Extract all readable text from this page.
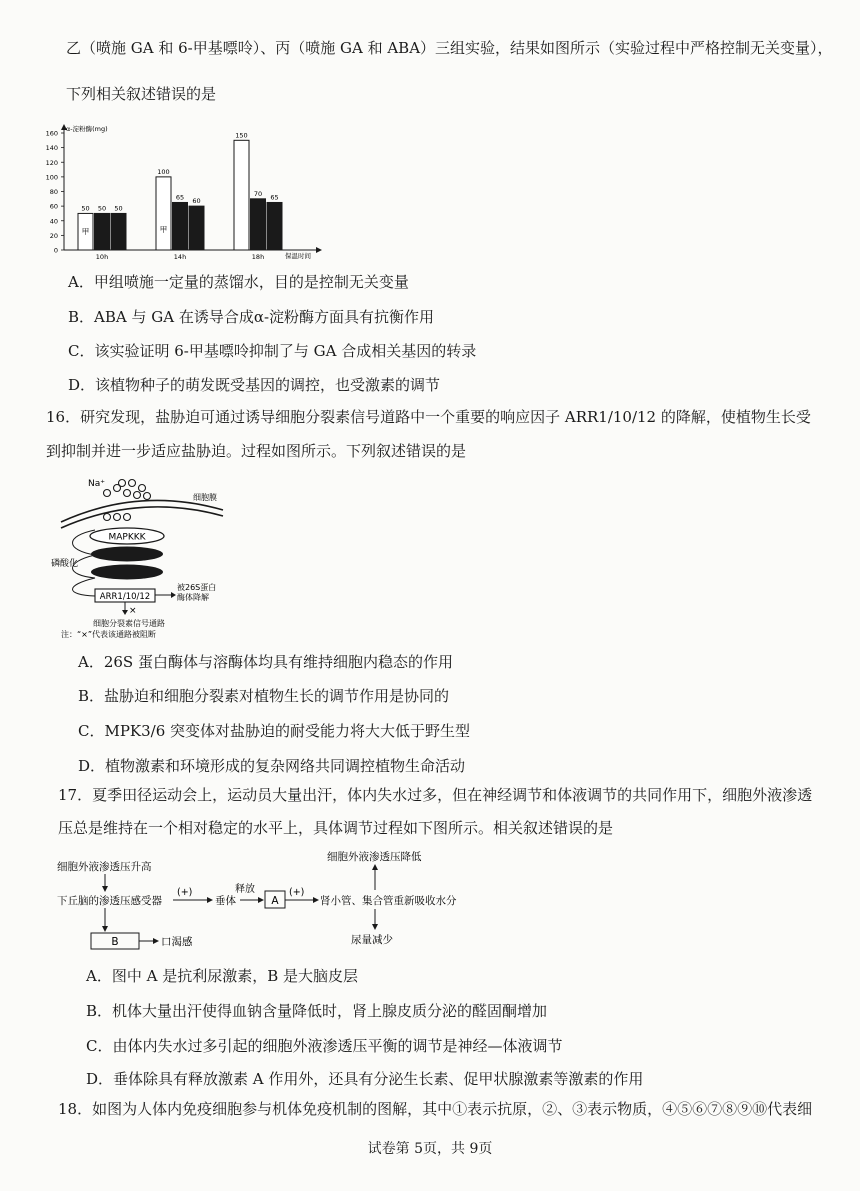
乙（喷施 GA 和 6-甲基嘌呤）、丙（喷施 GA 和 ABA）三组实验，结果如图所示（实验过程中严格控制无关变量），
下列相关叙述错误的是
0
20
40
60
80
100
120
140
160
α-淀粉酶(mg)
保温时间
50
甲
50 50
10h
100
甲
65 60
14h
150
70 65
18h
A．甲组喷施一定量的蒸馏水，目的是控制无关变量
B．ABA 与 GA 在诱导合成α-淀粉酶方面具有抗衡作用
C．该实验证明 6-甲基嘌呤抑制了与 GA 合成相关基因的转录
D．该植物种子的萌发既受基因的调控，也受激素的调节
16．研究发现，盐胁迫可通过诱导细胞分裂素信号道路中一个重要的响应因子 ARR1/10/12 的降解，使植物生长受
到抑制并进一步适应盐胁迫。过程如图所示。下列叙述错误的是
Na⁺
细胞膜
磷酸化
MAPKKK
ARR1/10/12
被26S蛋白
酶体降解
×
细胞分裂素信号通路
注：“×”代表该通路被阻断
A．26S 蛋白酶体与溶酶体均具有维持细胞内稳态的作用
B．盐胁迫和细胞分裂素对植物生长的调节作用是协同的
C．MPK3/6 突变体对盐胁迫的耐受能力将大大低于野生型
D．植物激素和环境形成的复杂网络共同调控植物生命活动
17．夏季田径运动会上，运动员大量出汗，体内失水过多，但在神经调节和体液调节的共同作用下，细胞外液渗透
压总是维持在一个相对稳定的水平上，具体调节过程如下图所示。相关叙述错误的是
细胞外液渗透压升高
下丘脑的渗透压感受器
(+)
垂体
释放
A
(+)
肾小管、集合管重新吸收水分
细胞外液渗透压降低
尿量减少
B	口渴感
A．图中 A 是抗利尿激素，B 是大脑皮层
B．机体大量出汗使得血钠含量降低时，肾上腺皮质分泌的醛固酮增加
C．由体内失水过多引起的细胞外液渗透压平衡的调节是神经—体液调节
D．垂体除具有释放激素 A 作用外，还具有分泌生长素、促甲状腺激素等激素的作用
18．如图为人体内免疫细胞参与机体免疫机制的图解，其中①表示抗原，②、③表示物质，④⑤⑥⑦⑧⑨⑩代表细
试卷第 5页，共 9页
